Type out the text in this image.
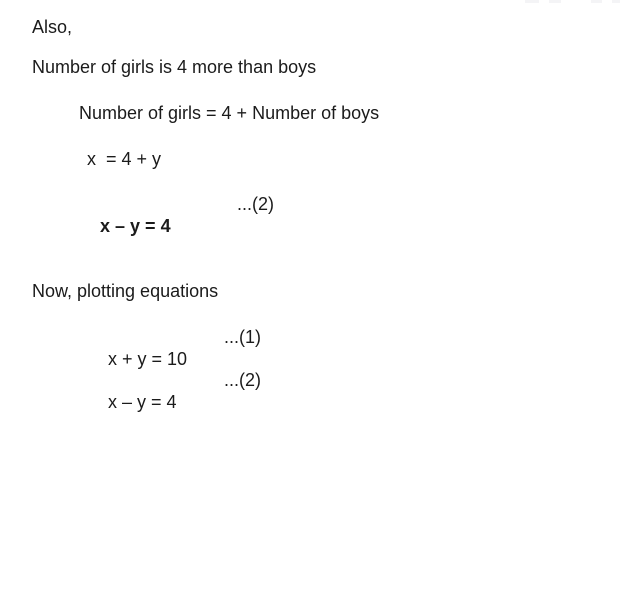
Also,
Number of girls is 4 more than boys
Number of girls = 4 + Number of boys
x  = 4 + y

x – y = 4

...(2)

Now, plotting equations

x + y = 10

...(1)

x – y = 4

...(2)
